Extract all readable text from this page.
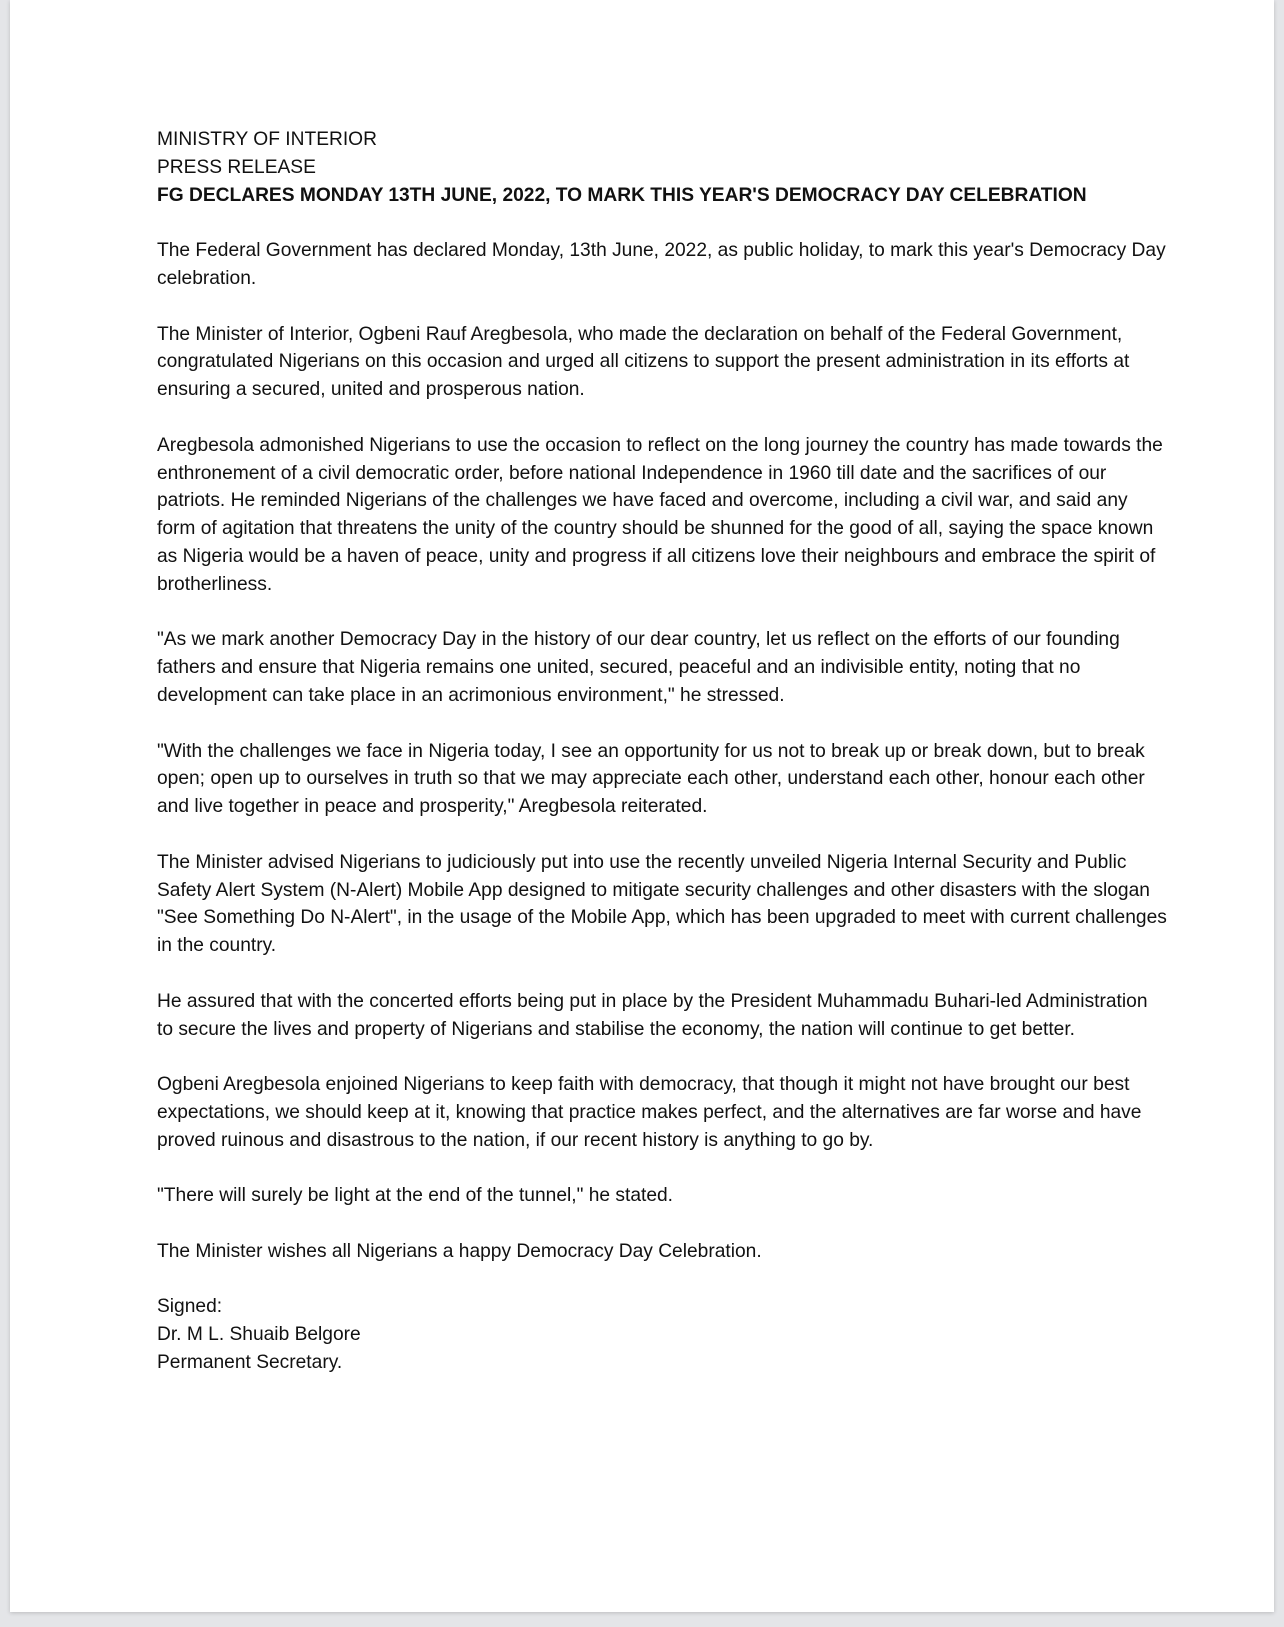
MINISTRY OF INTERIOR
PRESS RELEASE
FG DECLARES MONDAY 13TH JUNE, 2022, TO MARK THIS YEAR'S DEMOCRACY DAY CELEBRATION

The Federal Government has declared Monday, 13th June, 2022, as public holiday, to mark this year's Democracy Day celebration.

The Minister of Interior, Ogbeni Rauf Aregbesola, who made the declaration on behalf of the Federal Government, congratulated Nigerians on this occasion and urged all citizens to support the present administration in its efforts at ensuring a secured, united and prosperous nation.

Aregbesola admonished Nigerians to use the occasion to reflect on the long journey the country has made towards the enthronement of a civil democratic order, before national Independence in 1960 till date and the sacrifices of our patriots. He reminded Nigerians of the challenges we have faced and overcome, including a civil war, and said any form of agitation that threatens the unity of the country should be shunned for the good of all, saying the space known as Nigeria would be a haven of peace, unity and progress if all citizens love their neighbours and embrace the spirit of brotherliness.

"As we mark another Democracy Day in the history of our dear country, let us reflect on the efforts of our founding fathers and ensure that Nigeria remains one united, secured, peaceful and an indivisible entity, noting that no development can take place in an acrimonious environment," he stressed.

"With the challenges we face in Nigeria today, I see an opportunity for us not to break up or break down, but to break open; open up to ourselves in truth so that we may appreciate each other, understand each other, honour each other and live together in peace and prosperity," Aregbesola reiterated.

The Minister advised Nigerians to judiciously put into use the recently unveiled Nigeria Internal Security and Public Safety Alert System (N-Alert) Mobile App designed to mitigate security challenges and other disasters with the slogan "See Something Do N-Alert", in the usage of the Mobile App, which has been upgraded to meet with current challenges in the country.

He assured that with the concerted efforts being put in place by the President Muhammadu Buhari-led Administration to secure the lives and property of Nigerians and stabilise the economy, the nation will continue to get better.

Ogbeni Aregbesola enjoined Nigerians to keep faith with democracy, that though it might not have brought our best expectations, we should keep at it, knowing that practice makes perfect, and the alternatives are far worse and have proved ruinous and disastrous to the nation, if our recent history is anything to go by.

"There will surely be light at the end of the tunnel," he stated.

The Minister wishes all Nigerians a happy Democracy Day Celebration.

Signed:
Dr. M L. Shuaib Belgore
Permanent Secretary.
